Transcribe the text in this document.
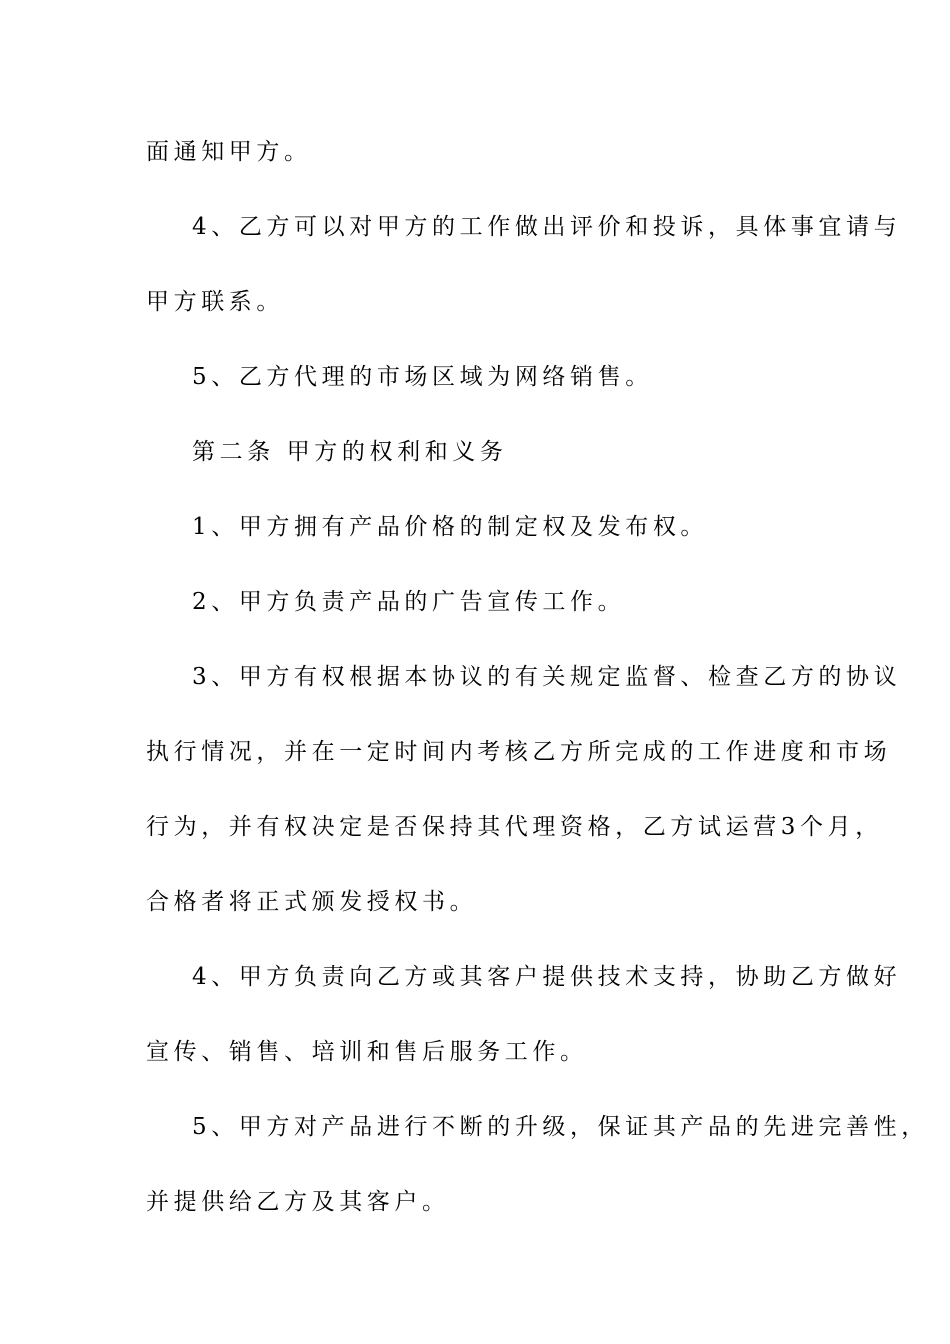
面通知甲方。
4、乙方可以对甲方的工作做出评价和投诉，具体事宜请与
甲方联系。
5、乙方代理的市场区域为网络销售。
第二条 甲方的权利和义务
1、甲方拥有产品价格的制定权及发布权。
2、甲方负责产品的广告宣传工作。
3、甲方有权根据本协议的有关规定监督、检查乙方的协议
执行情况，并在一定时间内考核乙方所完成的工作进度和市场
行为，并有权决定是否保持其代理资格，乙方试运营3个月，
合格者将正式颁发授权书。
4、甲方负责向乙方或其客户提供技术支持，协助乙方做好
宣传、销售、培训和售后服务工作。
5、甲方对产品进行不断的升级，保证其产品的先进完善性，
并提供给乙方及其客户。
